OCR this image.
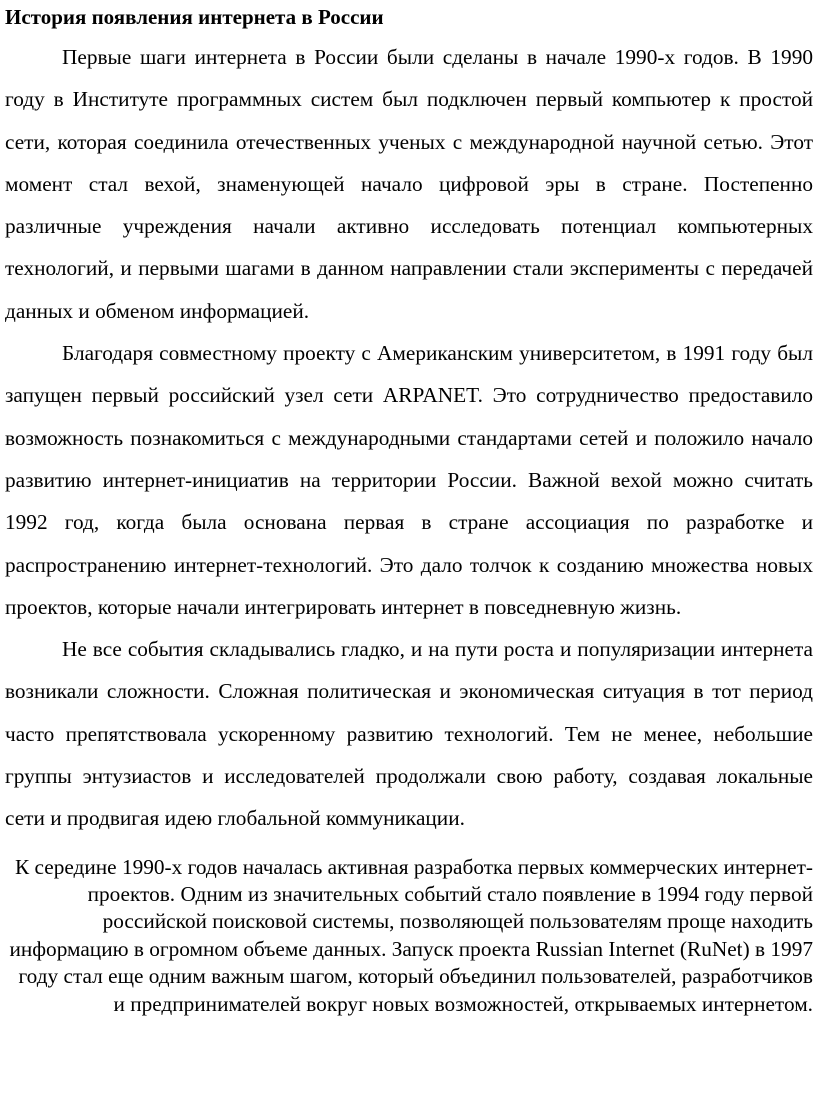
История появления интернета в России

Первые шаги интернета в России были сделаны в начале 1990-х годов. В 1990 году в Институте программных систем был подключен первый компьютер к простой сети, которая соединила отечественных ученых с международной научной сетью. Этот момент стал вехой, знаменующей начало цифровой эры в стране. Постепенно различные учреждения начали активно исследовать потенциал компьютерных технологий, и первыми шагами в данном направлении стали эксперименты с передачей данных и обменом информацией.

Благодаря совместному проекту с Американским университетом, в 1991 году был запущен первый российский узел сети ARPANET. Это сотрудничество предоставило возможность познакомиться с международными стандартами сетей и положило начало развитию интернет-инициатив на территории России. Важной вехой можно считать 1992 год, когда была основана первая в стране ассоциация по разработке и распространению интернет-технологий. Это дало толчок к созданию множества новых проектов, которые начали интегрировать интернет в повседневную жизнь.

Не все события складывались гладко, и на пути роста и популяризации интернета возникали сложности. Сложная политическая и экономическая ситуация в тот период часто препятствовала ускоренному развитию технологий. Тем не менее, небольшие группы энтузиастов и исследователей продолжали свою работу, создавая локальные сети и продвигая идею глобальной коммуникации.

К середине 1990-х годов началась активная разработка первых коммерческих интернет-проектов. Одним из значительных событий стало появление в 1994 году первой российской поисковой системы, позволяющей пользователям проще находить информацию в огромном объеме данных. Запуск проекта Russian Internet (RuNet) в 1997 году стал еще одним важным шагом, который объединил пользователей, разработчиков и предпринимателей вокруг новых возможностей, открываемых интернетом.
